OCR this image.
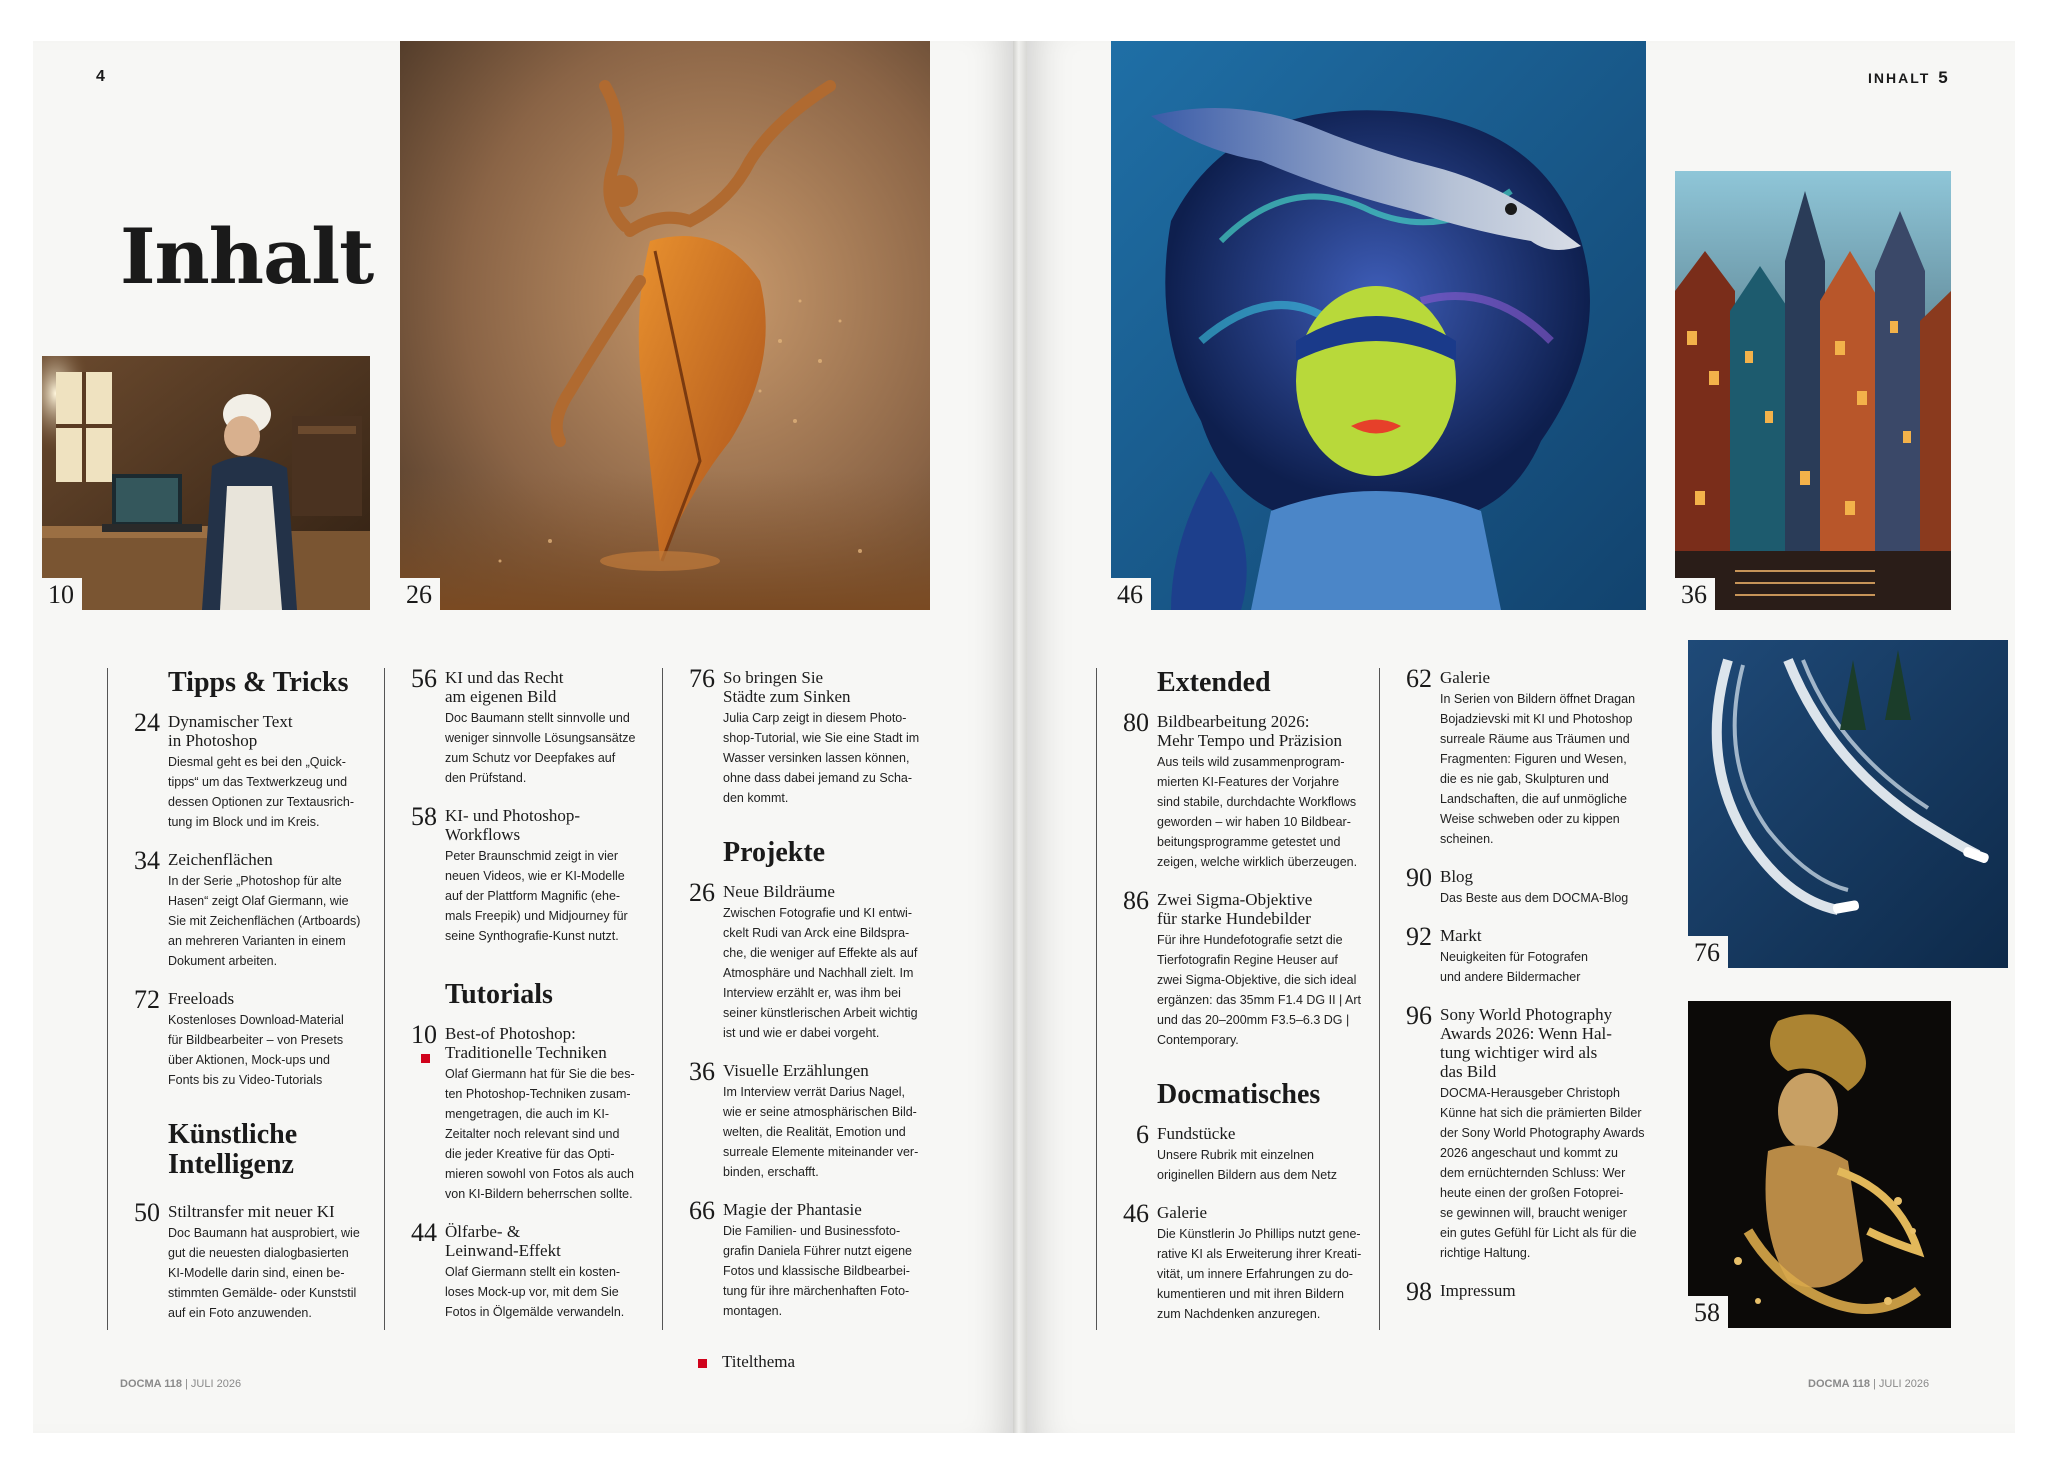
4
Inhalt
INHALT 5
10	26	46	36
76
58
Tipps & Tricks
24 Dynamischer Text
in Photoshop
Diesmal geht es bei den „Quick-
tipps“ um das Textwerkzeug und
dessen Optionen zur Textausrich-
tung im Block und im Kreis.
34 Zeichenflächen
In der Serie „Photoshop für alte
Hasen“ zeigt Olaf Giermann, wie
Sie mit Zeichenflächen (Artboards)
an mehreren Varianten in einem
Dokument arbeiten.
72 Freeloads
Kostenloses Download-Material
für Bildbearbeiter – von Presets
über Aktionen, Mock-ups und
Fonts bis zu Video-Tutorials
Künstliche
Intelligenz
50 Stiltransfer mit neuer KI
Doc Baumann hat ausprobiert, wie
gut die neuesten dialogbasierten
KI-Modelle darin sind, einen be-
stimmten Gemälde- oder Kunststil
auf ein Foto anzuwenden.
56 KI und das Recht
am eigenen Bild
Doc Baumann stellt sinnvolle und
weniger sinnvolle Lösungsansätze
zum Schutz vor Deepfakes auf
den Prüfstand.
58 KI- und Photoshop-
Workflows
Peter Braunschmid zeigt in vier
neuen Videos, wie er KI-Modelle
auf der Plattform Magnific (ehe-
mals Freepik) und Midjourney für
seine Synthografie-Kunst nutzt.
Tutorials
10 Best-of Photoshop:
Traditionelle Techniken
Olaf Giermann hat für Sie die bes-
ten Photoshop-Techniken zusam-
mengetragen, die auch im KI-
Zeitalter noch relevant sind und
die jeder Kreative für das Opti-
mieren sowohl von Fotos als auch
von KI-Bildern beherrschen sollte.
44 Ölfarbe- &
Leinwand-Effekt
Olaf Giermann stellt ein kosten-
loses Mock-up vor, mit dem Sie
Fotos in Ölgemälde verwandeln.
76 So bringen Sie
Städte zum Sinken
Julia Carp zeigt in diesem Photo-
shop-Tutorial, wie Sie eine Stadt im
Wasser versinken lassen können,
ohne dass dabei jemand zu Scha-
den kommt.
Projekte
26 Neue Bildräume
Zwischen Fotografie und KI entwi-
ckelt Rudi van Arck eine Bildspra-
che, die weniger auf Effekte als auf
Atmosphäre und Nachhall zielt. Im
Interview erzählt er, was ihm bei
seiner künstlerischen Arbeit wichtig
ist und wie er dabei vorgeht.
36 Visuelle Erzählungen
Im Interview verrät Darius Nagel,
wie er seine atmosphärischen Bild-
welten, die Realität, Emotion und
surreale Elemente miteinander ver-
binden, erschafft.
66 Magie der Phantasie
Die Familien- und Businessfoto-
grafin Daniela Führer nutzt eigene
Fotos und klassische Bildbearbei-
tung für ihre märchenhaften Foto-
montagen.
Titelthema
Extended
80 Bildbearbeitung 2026:
Mehr Tempo und Präzision
Aus teils wild zusammenprogram-
mierten KI-Features der Vorjahre
sind stabile, durchdachte Workflows
geworden – wir haben 10 Bildbear-
beitungsprogramme getestet und
zeigen, welche wirklich überzeugen.
86 Zwei Sigma-Objektive
für starke Hundebilder
Für ihre Hundefotografie setzt die
Tierfotografin Regine Heuser auf
zwei Sigma-Objektive, die sich ideal
ergänzen: das 35mm F1.4 DG II | Art
und das 20–200mm F3.5–6.3 DG |
Contemporary.
Docmatisches
6 Fundstücke
Unsere Rubrik mit einzelnen
originellen Bildern aus dem Netz
46 Galerie
Die Künstlerin Jo Phillips nutzt gene-
rative KI als Erweiterung ihrer Kreati-
vität, um innere Erfahrungen zu do-
kumentieren und mit ihren Bildern
zum Nachdenken anzuregen.
62 Galerie
In Serien von Bildern öffnet Dragan
Bojadzievski mit KI und Photoshop
surreale Räume aus Träumen und
Fragmenten: Figuren und Wesen,
die es nie gab, Skulpturen und
Landschaften, die auf unmögliche
Weise schweben oder zu kippen
scheinen.
90 Blog
Das Beste aus dem DOCMA-Blog
92 Markt
Neuigkeiten für Fotografen
und andere Bildermacher
96 Sony World Photography
Awards 2026: Wenn Hal-
tung wichtiger wird als
das Bild
DOCMA-Herausgeber Christoph
Künne hat sich die prämierten Bilder
der Sony World Photography Awards
2026 angeschaut und kommt zu
dem ernüchternden Schluss: Wer
heute einen der großen Fotoprei-
se gewinnen will, braucht weniger
ein gutes Gefühl für Licht als für die
richtige Haltung.
98 Impressum
DOCMA 118 | JULI 2026	DOCMA 118 | JULI 2026
